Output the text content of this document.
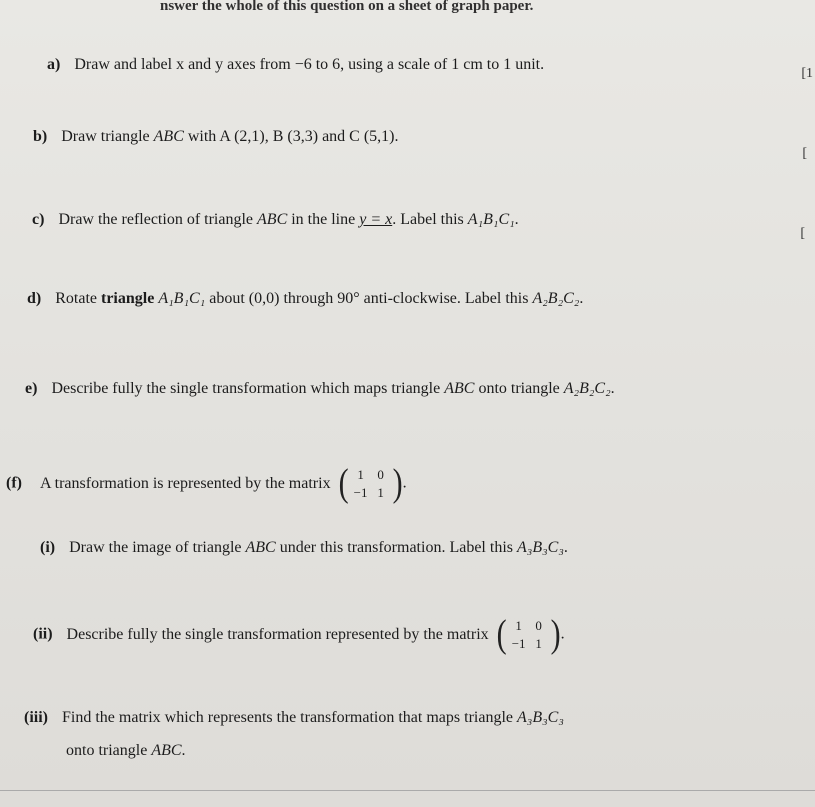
nswer the whole of this question on a sheet of graph paper.
a) Draw and label x and y axes from −6 to 6, using a scale of 1 cm to 1 unit.
[1
b) Draw triangle ABC with A (2,1), B (3,3) and C (5,1).
[
c) Draw the reflection of triangle ABC in the line y = x. Label this A₁B₁C₁.
[
d) Rotate triangle A₁B₁C₁ about (0,0) through 90° anti-clockwise. Label this A₂B₂C₂.
e) Describe fully the single transformation which maps triangle ABC onto triangle A₂B₂C₂.
(f) A transformation is represented by the matrix ( 1	0
−1 1 ) .
(i) Draw the image of triangle ABC under this transformation. Label this A₃B₃C₃.
(ii) Describe fully the single transformation represented by the matrix ( 1	0
−1 1 ) .
(iii) Find the matrix which represents the transformation that maps triangle A₃B₃C₃
onto triangle ABC.
